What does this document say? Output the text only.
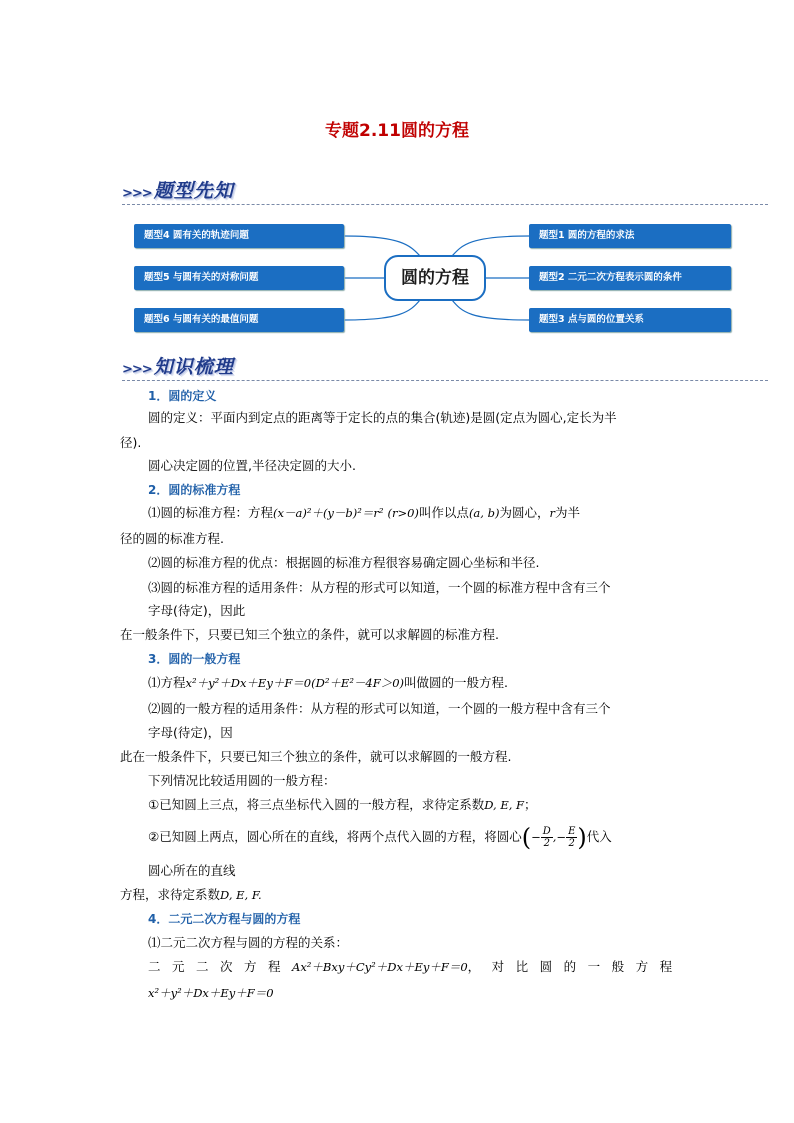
专题2.11圆的方程
>>> 题型先知
题型4 圆有关的轨迹问题
题型5 与圆有关的对称问题
题型6 与圆有关的最值问题
圆的方程
题型1 圆的方程的求法
题型2 二元二次方程表示圆的条件
题型3 点与圆的位置关系
>>> 知识梳理
1．圆的定义
圆的定义：平面内到定点的距离等于定长的点的集合(轨迹)是圆(定点为圆心,定长为半
径).
圆心决定圆的位置,半径决定圆的大小.
2．圆的标准方程
⑴圆的标准方程：方程(x－a)²＋(y－b)²＝r² (r>0)叫作以点(a, b)为圆心，r为半
径的圆的标准方程.
⑵圆的标准方程的优点：根据圆的标准方程很容易确定圆心坐标和半径.
⑶圆的标准方程的适用条件：从方程的形式可以知道，一个圆的标准方程中含有三个
字母(待定)，因此
在一般条件下，只要已知三个独立的条件，就可以求解圆的标准方程.
3．圆的一般方程
⑴方程x²＋y²＋Dx＋Ey＋F＝0(D²＋E²－4F＞0)叫做圆的一般方程.
⑵圆的一般方程的适用条件：从方程的形式可以知道，一个圆的一般方程中含有三个
字母(待定)，因
此在一般条件下，只要已知三个独立的条件，就可以求解圆的一般方程.
下列情况比较适用圆的一般方程：
①已知圆上三点，将三点坐标代入圆的一般方程，求待定系数D, E, F；
②已知圆上两点，圆心所在的直线，将两个点代入圆的方程，将圆心(− $\frac{D}{2}$ ,− $\frac{E}{2}$ )代入
圆心所在的直线
方程，求待定系数D, E, F.
4．二元二次方程与圆的方程
⑴二元二次方程与圆的方程的关系：
二元二次方程Ax²＋Bxy＋Cy²＋Dx＋Ey＋F＝0，对比圆的一般方程
x²＋y²＋Dx＋Ey＋F＝0
